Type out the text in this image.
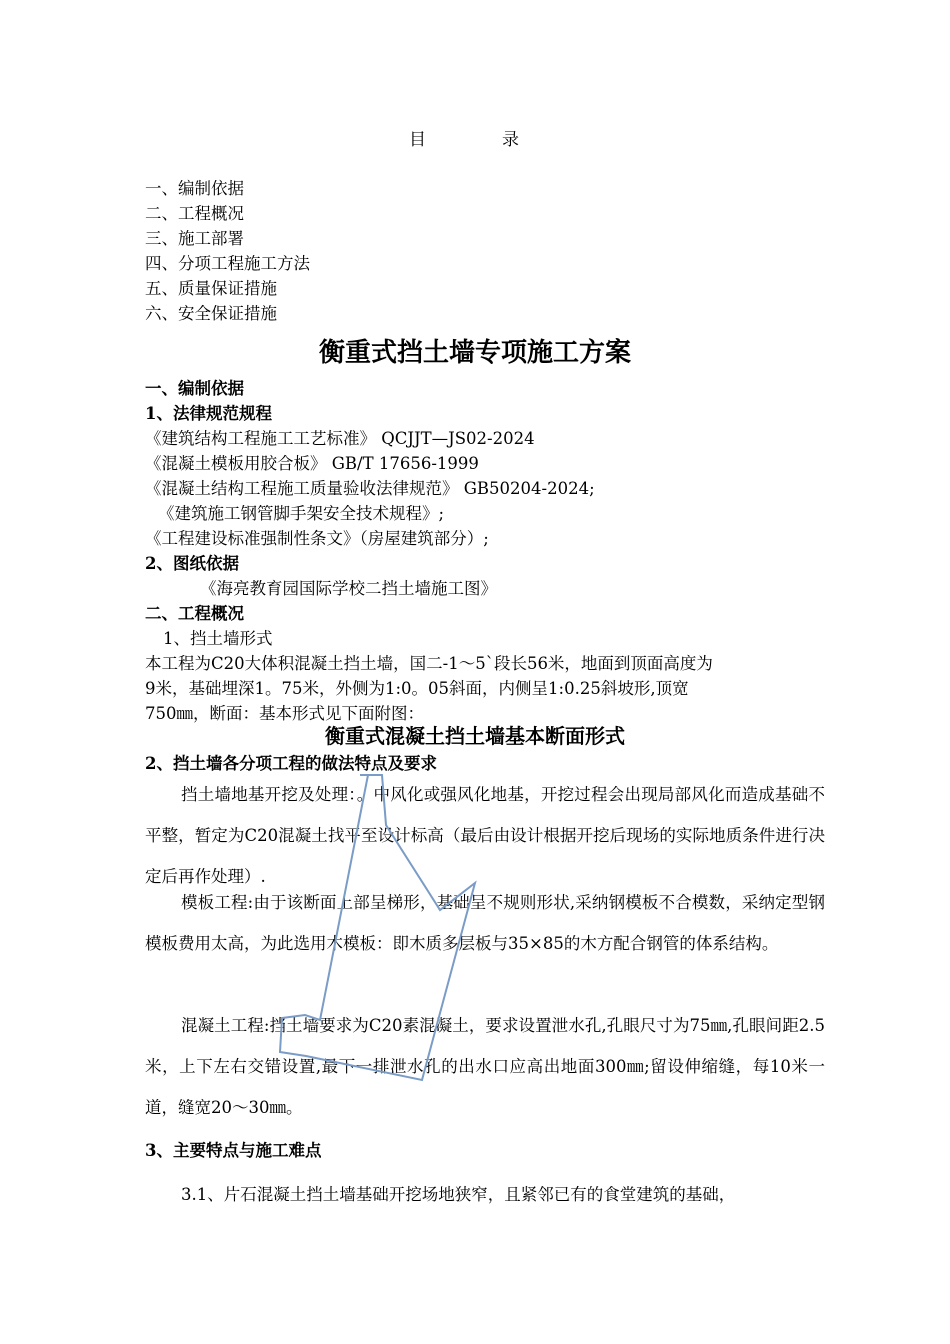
目	录
一、编制依据
二、工程概况
三、施工部署
四、分项工程施工方法
五、质量保证措施
六、安全保证措施
衡重式挡土墙专项施工方案
一、编制依据
1、法律规范规程
《建筑结构工程施工工艺标准》 QCJJT—JS02-2024
《混凝土模板用胶合板》 GB/T 17656-1999
《混凝土结构工程施工质量验收法律规范》 GB50204-2024;
《建筑施工钢管脚手架安全技术规程》;
《工程建设标准强制性条文》（房屋建筑部分）;
2、图纸依据
《海亮教育园国际学校二挡土墙施工图》
二、工程概况
1、挡土墙形式
本工程为C20大体积混凝土挡土墙，国二-1～5`段长56米，地面到顶面高度为
9米，基础埋深1。75米，外侧为1:0。05斜面，内侧呈1:0.25斜坡形,顶宽
750㎜，断面：基本形式见下面附图：
衡重式混凝土挡土墙基本断面形式
2、挡土墙各分项工程的做法特点及要求
挡土墙地基开挖及处理：。中风化或强风化地基，开挖过程会出现局部风化而造成基础不平整，暂定为C20混凝土找平至设计标高（最后由设计根据开挖后现场的实际地质条件进行决定后再作处理）.
模板工程:由于该断面上部呈梯形，基础呈不规则形状,采纳钢模板不合模数，采纳定型钢模板费用太高，为此选用木模板：即木质多层板与35×85的木方配合钢管的体系结构。
混凝土工程:挡土墙要求为C20素混凝土，要求设置泄水孔,孔眼尺寸为75㎜,孔眼间距2.5米，上下左右交错设置,最下一排泄水孔的出水口应高出地面300㎜;留设伸缩缝，每10米一道，缝宽20～30㎜。
3、主要特点与施工难点
3.1、片石混凝土挡土墙基础开挖场地狭窄，且紧邻已有的食堂建筑的基础，
